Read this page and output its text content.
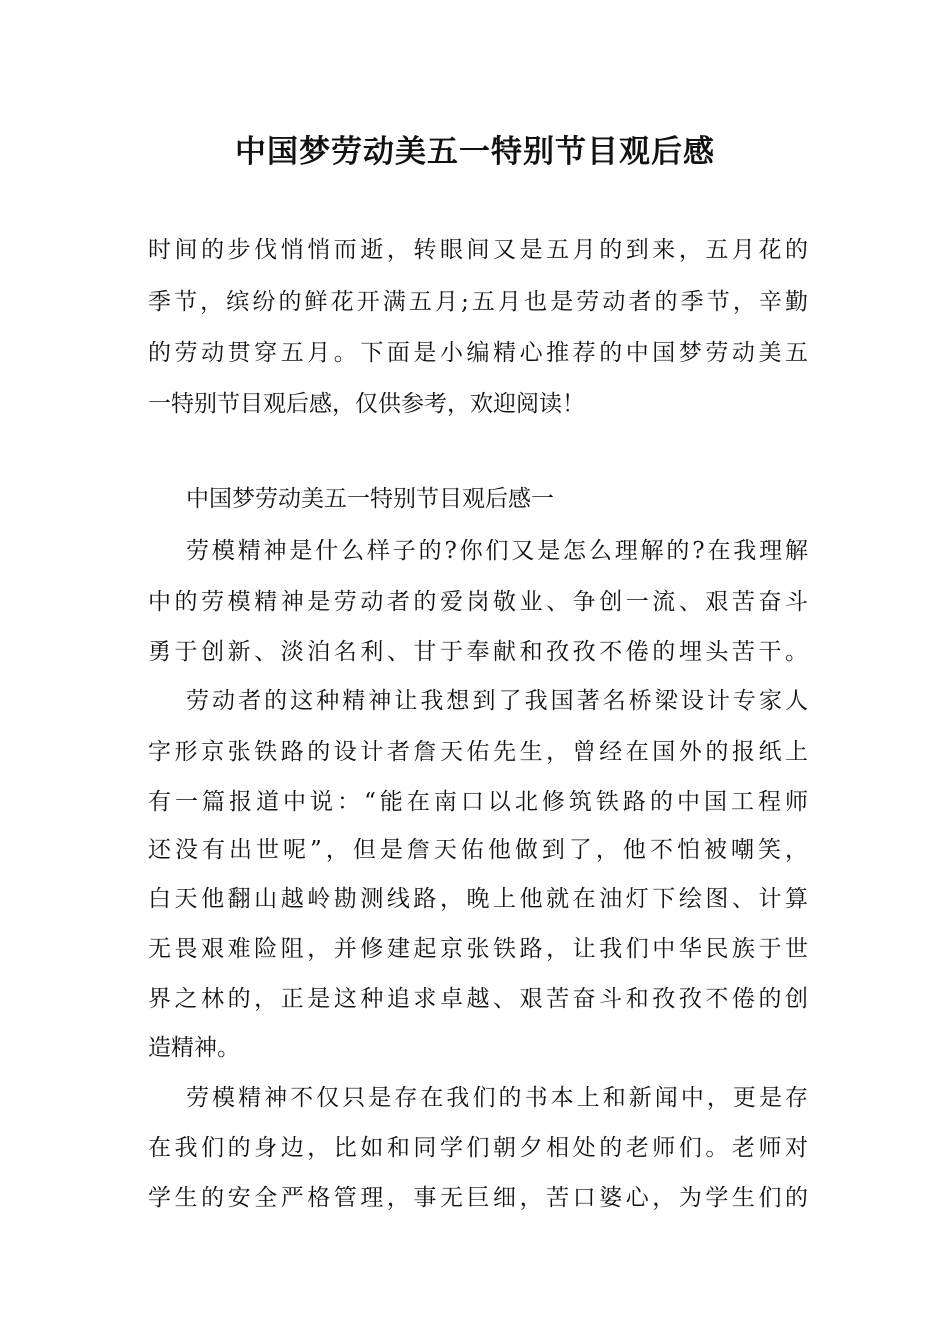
中国梦劳动美五一特别节目观后感
时间的步伐悄悄而逝，转眼间又是五月的到来，五月花的
季节，缤纷的鲜花开满五月;五月也是劳动者的季节，辛勤
的劳动贯穿五月。下面是小编精心推荐的中国梦劳动美五
一特别节目观后感，仅供参考，欢迎阅读！
中国梦劳动美五一特别节目观后感一
劳模精神是什么样子的?你们又是怎么理解的?在我理解
中的劳模精神是劳动者的爱岗敬业、争创一流、艰苦奋斗
勇于创新、淡泊名利、甘于奉献和孜孜不倦的埋头苦干。
劳动者的这种精神让我想到了我国著名桥梁设计专家人
字形京张铁路的设计者詹天佑先生，曾经在国外的报纸上
有一篇报道中说：“能在南口以北修筑铁路的中国工程师
还没有出世呢”，但是詹天佑他做到了，他不怕被嘲笑，
白天他翻山越岭勘测线路，晚上他就在油灯下绘图、计算
无畏艰难险阻，并修建起京张铁路，让我们中华民族于世
界之林的，正是这种追求卓越、艰苦奋斗和孜孜不倦的创
造精神。
劳模精神不仅只是存在我们的书本上和新闻中，更是存
在我们的身边，比如和同学们朝夕相处的老师们。老师对
学生的安全严格管理，事无巨细，苦口婆心，为学生们的
